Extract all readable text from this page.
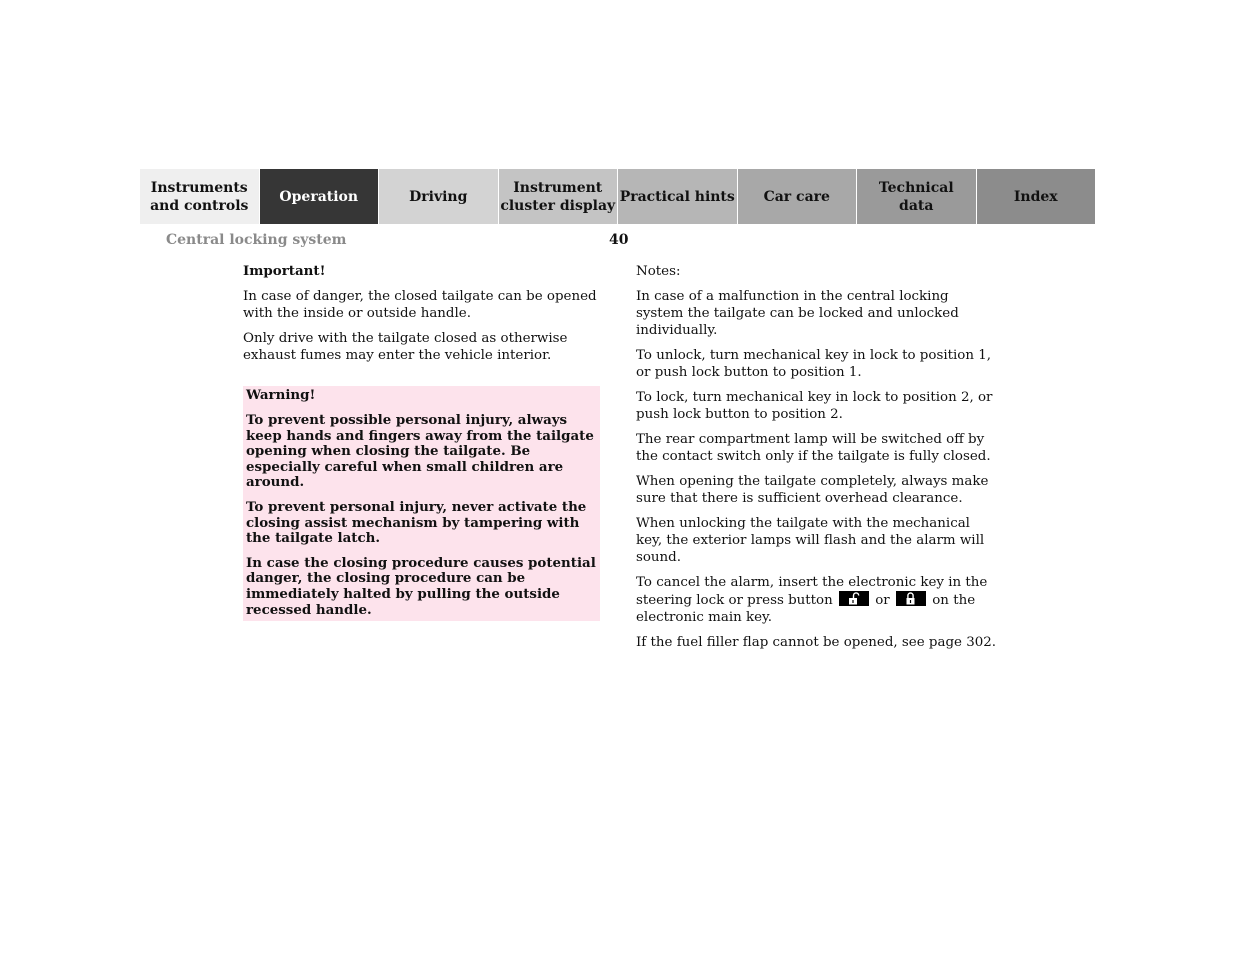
Instruments
and controls
Operation	Driving
Instrument
cluster display
Practical hints	Car care
Technical
data
Index
Central locking system	40

Important!

In case of danger, the closed tailgate can be opened with the inside or outside handle.

Only drive with the tailgate closed as otherwise exhaust fumes may enter the vehicle interior.

Warning!

To prevent possible personal injury, always keep hands and fingers away from the tailgate opening when closing the tailgate. Be especially careful when small children are around.

To prevent personal injury, never activate the closing assist mechanism by tampering with the tailgate latch.

In case the closing procedure causes potential danger, the closing procedure can be immediately halted by pulling the outside recessed handle.

Notes:

In case of a malfunction in the central locking system the tailgate can be locked and unlocked individually.

To unlock, turn mechanical key in lock to position 1, or push lock button to position 1.

To lock, turn mechanical key in lock to position 2, or push lock button to position 2.

The rear compartment lamp will be switched off by the contact switch only if the tailgate is fully closed.

When opening the tailgate completely, always make sure that there is sufficient overhead clearance.

When unlocking the tailgate with the mechanical key, the exterior lamps will flash and the alarm will sound.

To cancel the alarm, insert the electronic key in the steering lock or press button	or	on the electronic main key.

If the fuel filler flap cannot be opened, see page 302.
